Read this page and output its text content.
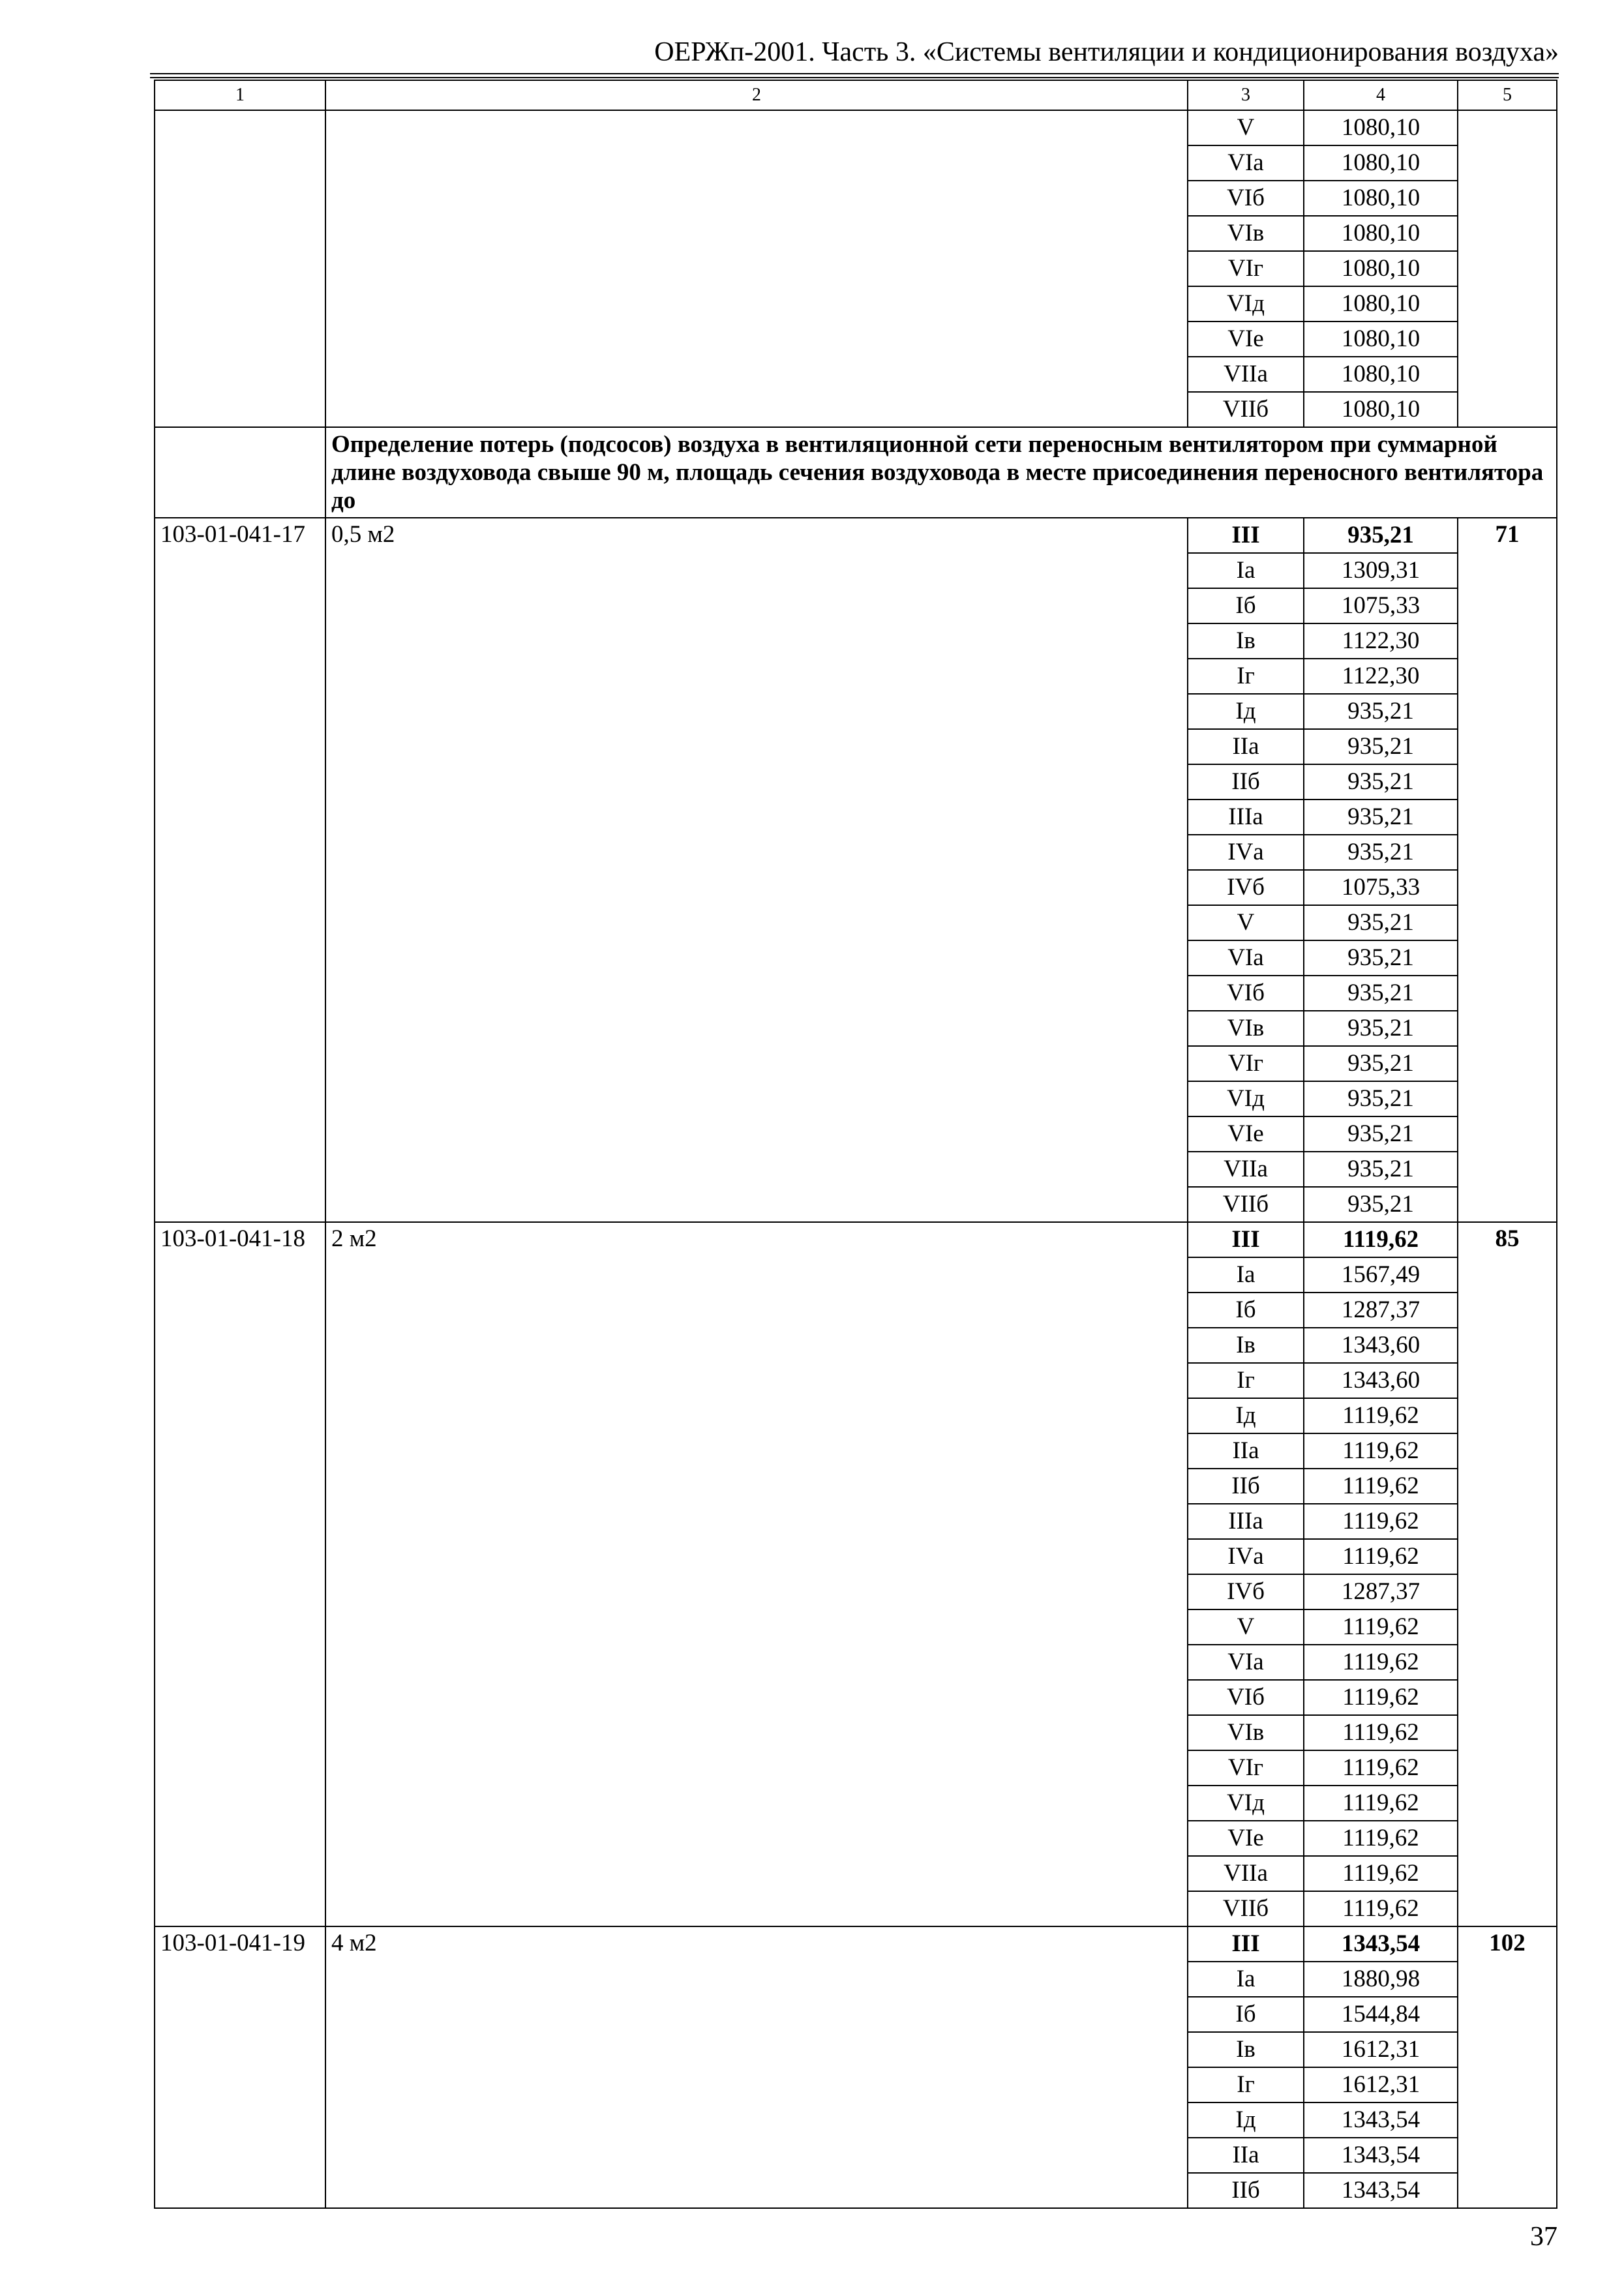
ОЕРЖп-2001. Часть 3. «Системы вентиляции и кондиционирования воздуха»
1	2	3	4	5
		V	1080,10	
		VIа	1080,10	
		VIб	1080,10	
		VIв	1080,10	
		VIг	1080,10	
		VIд	1080,10	
		VIе	1080,10	
		VIIа	1080,10	
		VIIб	1080,10	
	Определение потерь (подсосов) воздуха в вентиляционной сети переносным вентилятором при суммарной длине воздуховода свыше 90 м, площадь сечения воздуховода в месте присоединения переносного вентилятора до			
103-01-041-17	0,5 м2	III	935,21	71
		Iа	1309,31	
		Iб	1075,33	
		Iв	1122,30	
		Iг	1122,30	
		Iд	935,21	
		IIа	935,21	
		IIб	935,21	
		IIIа	935,21	
		IVа	935,21	
		IVб	1075,33	
		V	935,21	
		VIа	935,21	
		VIб	935,21	
		VIв	935,21	
		VIг	935,21	
		VIд	935,21	
		VIе	935,21	
		VIIа	935,21	
		VIIб	935,21	
103-01-041-18	2 м2	III	1119,62	85
		Iа	1567,49	
		Iб	1287,37	
		Iв	1343,60	
		Iг	1343,60	
		Iд	1119,62	
		IIа	1119,62	
		IIб	1119,62	
		IIIа	1119,62	
		IVа	1119,62	
		IVб	1287,37	
		V	1119,62	
		VIа	1119,62	
		VIб	1119,62	
		VIв	1119,62	
		VIг	1119,62	
		VIд	1119,62	
		VIе	1119,62	
		VIIа	1119,62	
		VIIб	1119,62	
103-01-041-19	4 м2	III	1343,54	102
		Iа	1880,98	
		Iб	1544,84	
		Iв	1612,31	
		Iг	1612,31	
		Iд	1343,54	
		IIа	1343,54	
		IIб	1343,54	
37
